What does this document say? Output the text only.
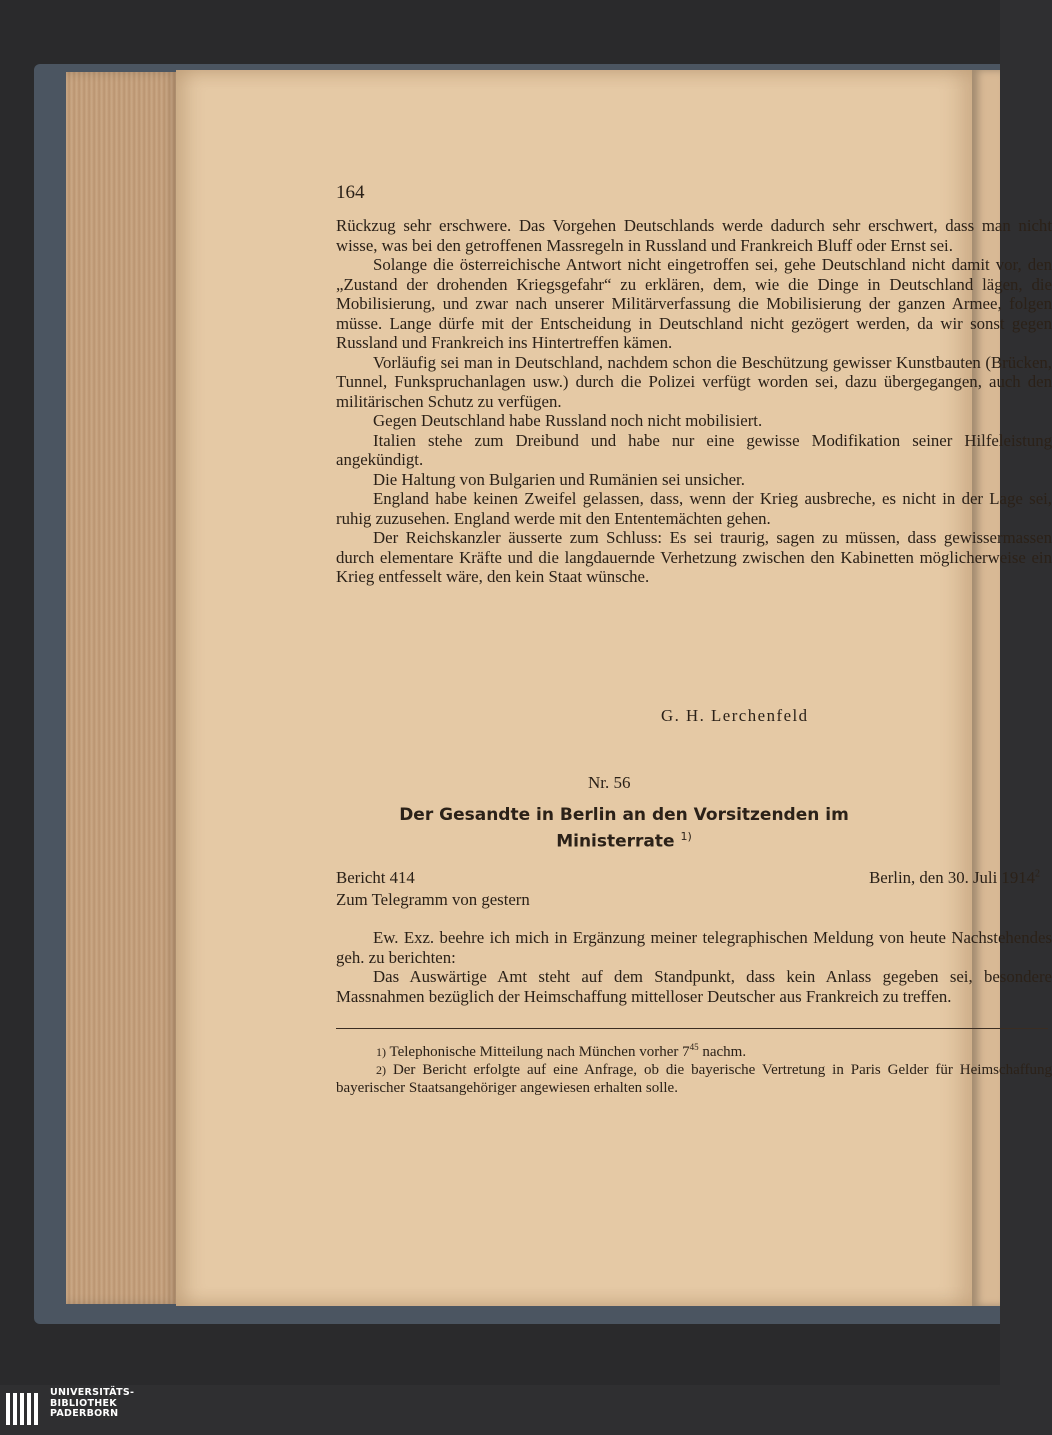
164

Rückzug sehr erschwere. Das Vorgehen Deutschlands werde dadurch sehr erschwert, dass man nicht wisse, was bei den getroffenen Massregeln in Russland und Frankreich Bluff oder Ernst sei.

Solange die österreichische Antwort nicht eingetroffen sei, gehe Deutschland nicht damit vor, den „Zustand der drohenden Kriegsgefahr“ zu erklären, dem, wie die Dinge in Deutschland lägen, die Mobilisierung, und zwar nach unserer Militärverfassung die Mobilisierung der ganzen Armee, folgen müsse. Lange dürfe mit der Entscheidung in Deutschland nicht gezögert werden, da wir sonst gegen Russland und Frankreich ins Hintertreffen kämen.

Vorläufig sei man in Deutschland, nachdem schon die Beschützung gewisser Kunstbauten (Brücken, Tunnel, Funkspruchanlagen usw.) durch die Polizei verfügt worden sei, dazu übergegangen, auch den militärischen Schutz zu verfügen.

Gegen Deutschland habe Russland noch nicht mobilisiert.

Italien stehe zum Dreibund und habe nur eine gewisse Modifikation seiner Hilfeleistung angekündigt.

Die Haltung von Bulgarien und Rumänien sei unsicher.

England habe keinen Zweifel gelassen, dass, wenn der Krieg ausbreche, es nicht in der Lage sei, ruhig zuzusehen. England werde mit den Ententemächten gehen.

Der Reichskanzler äusserte zum Schluss: Es sei traurig, sagen zu müssen, dass gewissermassen durch elementare Kräfte und die langdauernde Verhetzung zwischen den Kabinetten möglicherweise ein Krieg entfesselt wäre, den kein Staat wünsche.

G. H. Lerchenfeld
Nr. 56
Der Gesandte in Berlin an den Vorsitzenden im Ministerrate $^{1)}$
Bericht 414	Berlin, den 30. Juli 1914$^2$
Zum Telegramm von gestern

Ew. Exz. beehre ich mich in Ergänzung meiner telegraphischen Meldung von heute Nachstehendes geh. zu berichten:

Das Auswärtige Amt steht auf dem Standpunkt, dass kein Anlass gegeben sei, besondere Massnahmen bezüglich der Heimschaffung mittelloser Deutscher aus Frankreich zu treffen.

1) Telephonische Mitteilung nach München vorher $7^{45}$ nachm.

2) Der Bericht erfolgte auf eine Anfrage, ob die bayerische Vertretung in Paris Gelder für Heimschaffung bayerischer Staatsangehöriger angewiesen erhalten solle.

UNIVERSITÄTS-
BIBLIOTHEK
PADERBORN
